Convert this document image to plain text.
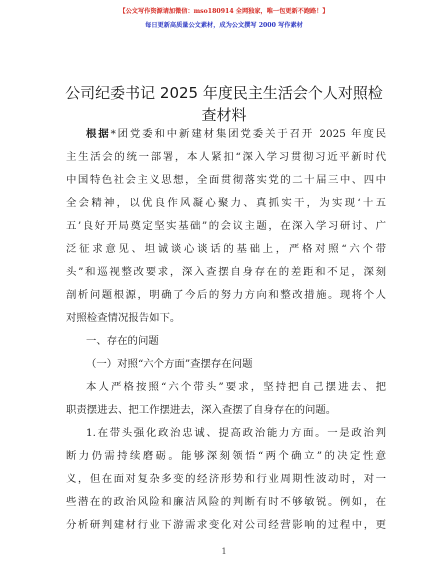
【公文写作资源请加微信：mso180914 全网独家，唯一包更新不跑路！】
每日更新高质量公文素材，成为公文撰写 2000 写作素材
公司纪委书记 2025 年度民主生活会个人对照检
查材料
根据*团党委和中新建材集团党委关于召开 2025 年度民
主生活会的统一部署，本人紧扣“深入学习贯彻习近平新时代
中国特色社会主义思想，全面贯彻落实党的二十届三中、四中
全会精神，以优良作风凝心聚力、真抓实干，为实现‘十五
五’良好开局奠定坚实基础”的会议主题，在深入学习研讨、广
泛征求意见、坦诚谈心谈话的基础上，严格对照“六个带
头”和巡视整改要求，深入查摆自身存在的差距和不足，深刻
剖析问题根源，明确了今后的努力方向和整改措施。现将个人
对照检查情况报告如下。
一、存在的问题
（一）对照“六个方面”查摆存在问题
本人严格按照“六个带头”要求，坚持把自己摆进去、把
职责摆进去、把工作摆进去，深入查摆了自身存在的问题。
1.在带头强化政治忠诚、提高政治能力方面。一是政治判
断力仍需持续磨砺。能够深刻领悟“两个确立”的决定性意
义，但在面对复杂多变的经济形势和行业周期性波动时，对一
些潜在的政治风险和廉洁风险的判断有时不够敏锐。例如，在
分析研判建材行业下游需求变化对公司经营影响的过程中，更
1
